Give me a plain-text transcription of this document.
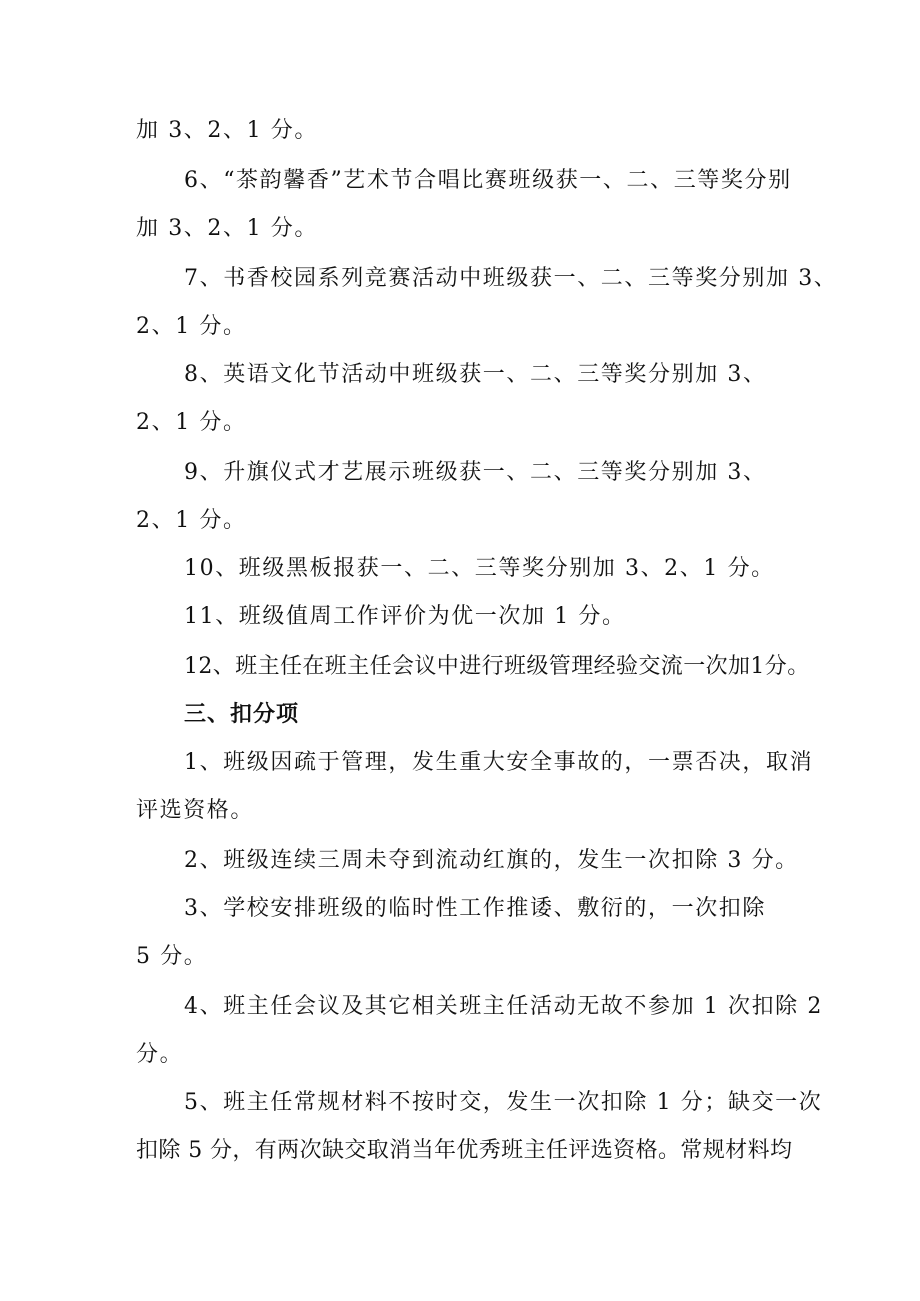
加 3、2、1 分。
6、“茶韵馨香”艺术节合唱比赛班级获一、二、三等奖分别
加 3、2、1 分。
7、书香校园系列竞赛活动中班级获一、二、三等奖分别加 3、
2、1 分。
8、英语文化节活动中班级获一、二、三等奖分别加 3、
2、1 分。
9、升旗仪式才艺展示班级获一、二、三等奖分别加 3、
2、1 分。
10、班级黑板报获一、二、三等奖分别加 3、2、1 分。
11、班级值周工作评价为优一次加 1 分。
12、班主任在班主任会议中进行班级管理经验交流一次加1分。
三、扣分项
1、班级因疏于管理，发生重大安全事故的，一票否决，取消
评选资格。
2、班级连续三周未夺到流动红旗的，发生一次扣除 3 分。
3、学校安排班级的临时性工作推诿、敷衍的，一次扣除
5 分。
4、班主任会议及其它相关班主任活动无故不参加 1 次扣除 2
分。
5、班主任常规材料不按时交，发生一次扣除 1 分；缺交一次
扣除 5 分，有两次缺交取消当年优秀班主任评选资格。常规材料均
